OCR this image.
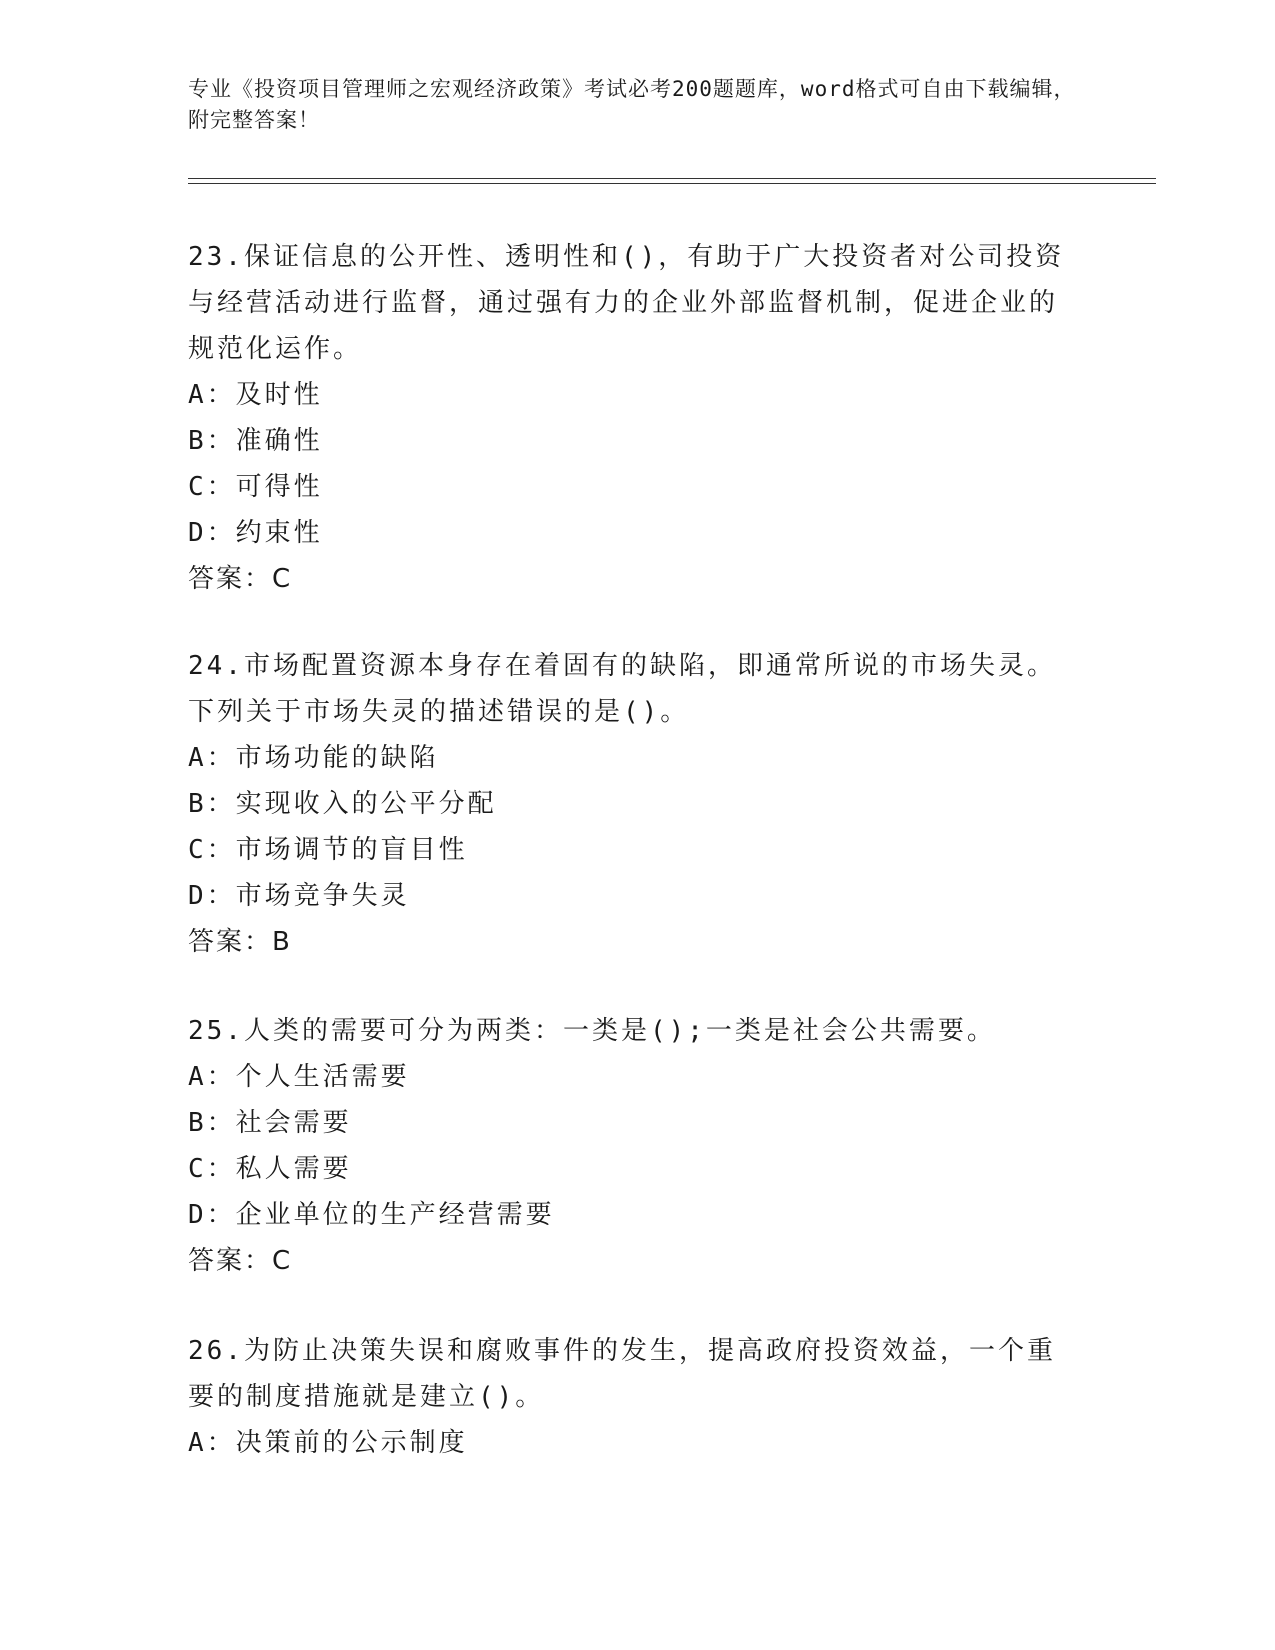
专业《投资项目管理师之宏观经济政策》考试必考200题题库，word格式可自由下载编辑，附完整答案！
23.保证信息的公开性、透明性和()，有助于广大投资者对公司投资与经营活动进行监督，通过强有力的企业外部监督机制，促进企业的规范化运作。
A：及时性
B：准确性
C：可得性
D：约束性
答案：C
24.市场配置资源本身存在着固有的缺陷，即通常所说的市场失灵。下列关于市场失灵的描述错误的是()。
A：市场功能的缺陷
B：实现收入的公平分配
C：市场调节的盲目性
D：市场竞争失灵
答案：B
25.人类的需要可分为两类：一类是();一类是社会公共需要。
A：个人生活需要
B：社会需要
C：私人需要
D：企业单位的生产经营需要
答案：C
26.为防止决策失误和腐败事件的发生，提高政府投资效益，一个重要的制度措施就是建立()。
A：决策前的公示制度
